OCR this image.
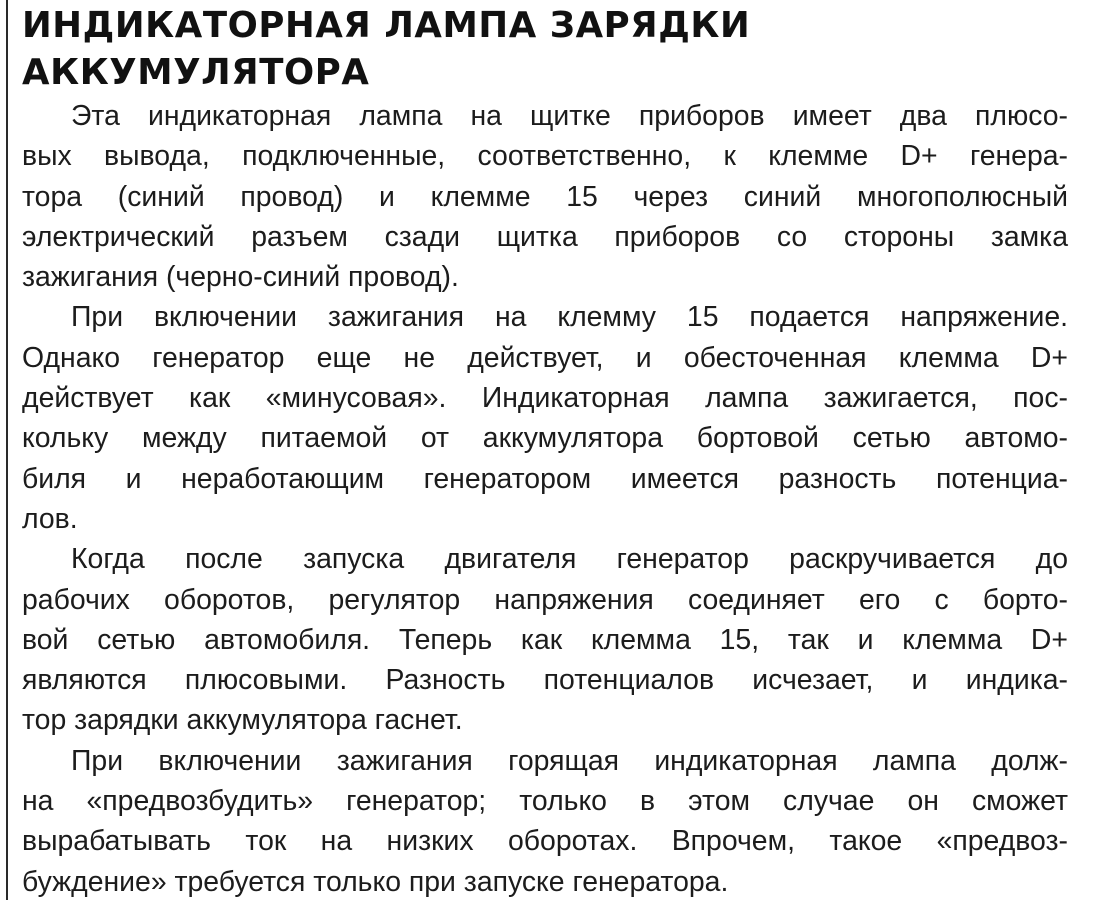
ИНДИКАТОРНАЯ ЛАМПА ЗАРЯДКИ
АККУМУЛЯТОРА
Эта индикаторная лампа на щитке приборов имеет два плюсо-
вых вывода, подключенные, соответственно, к клемме D+ генера-
тора (синий провод) и клемме 15 через синий многополюсный
электрический разъем сзади щитка приборов со стороны замка
зажигания (черно-синий провод).
При включении зажигания на клемму 15 подается напряжение.
Однако генератор еще не действует, и обесточенная клемма D+
действует как «минусовая». Индикаторная лампа зажигается, пос-
кольку между питаемой от аккумулятора бортовой сетью автомо-
биля и неработающим генератором имеется разность потенциа-
лов.
Когда после запуска двигателя генератор раскручивается до
рабочих оборотов, регулятор напряжения соединяет его с борто-
вой сетью автомобиля. Теперь как клемма 15, так и клемма D+
являются плюсовыми. Разность потенциалов исчезает, и индика-
тор зарядки аккумулятора гаснет.
При включении зажигания горящая индикаторная лампа долж-
на «предвозбудить» генератор; только в этом случае он сможет
вырабатывать ток на низких оборотах. Впрочем, такое «предвоз-
буждение» требуется только при запуске генератора.
